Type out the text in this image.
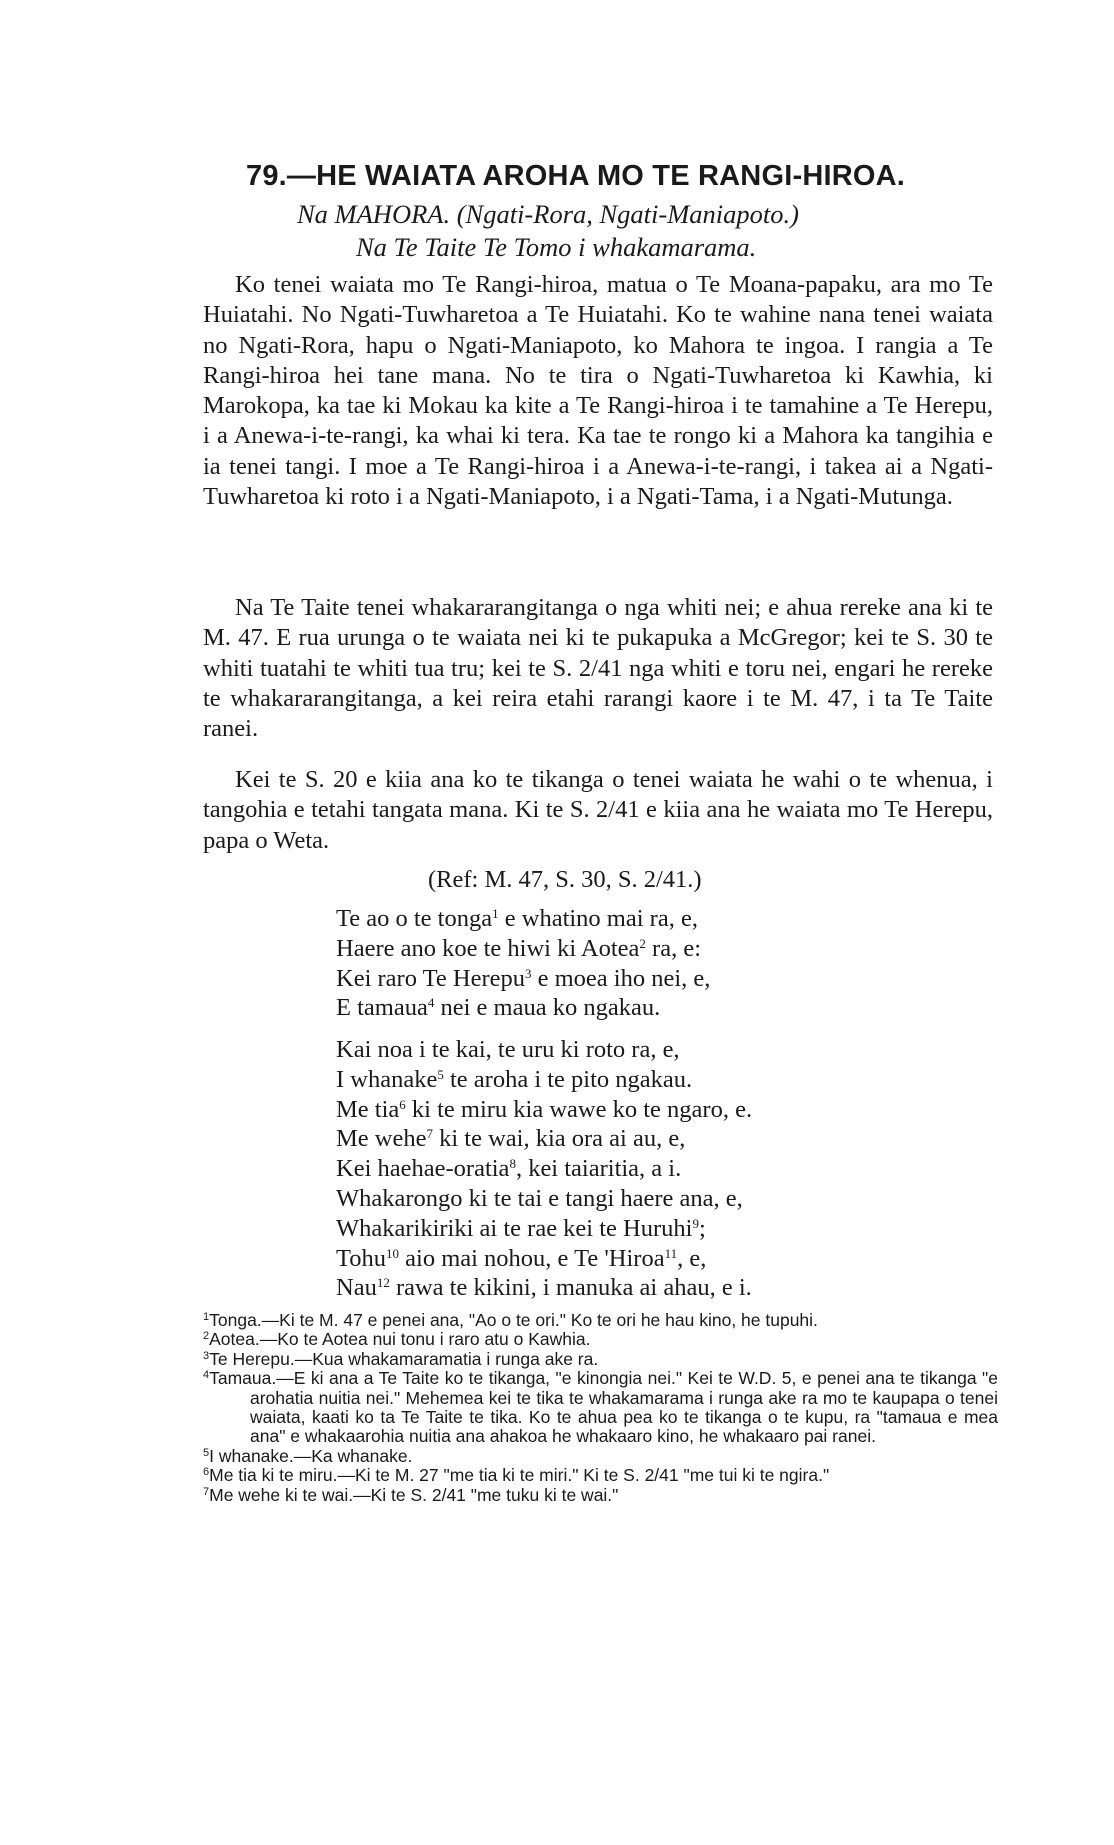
79.—HE WAIATA AROHA MO TE RANGI-HIROA.
Na MAHORA. (Ngati-Rora, Ngati-Maniapoto.)
Na Te Taite Te Tomo i whakamarama.

Ko tenei waiata mo Te Rangi-hiroa, matua o Te Moana-papaku, ara mo Te Huiatahi. No Ngati-Tuwharetoa a Te Huiatahi. Ko te wahine nana tenei waiata no Ngati-Rora, hapu o Ngati-Maniapoto, ko Mahora te ingoa. I rangia a Te Rangi-hiroa hei tane mana. No te tira o Ngati-Tuwharetoa ki Kawhia, ki Marokopa, ka tae ki Mokau ka kite a Te Rangi-hiroa i te tamahine a Te Herepu, i a Anewa-i-te-rangi, ka whai ki tera. Ka tae te rongo ki a Mahora ka tangihia e ia tenei tangi. I moe a Te Rangi-hiroa i a Anewa-i-te-rangi, i takea ai a Ngati-Tuwharetoa ki roto i a Ngati-Maniapoto, i a Ngati-Tama, i a Ngati-Mutunga.

Na Te Taite tenei whakararangitanga o nga whiti nei; e ahua rereke ana ki te M. 47. E rua urunga o te waiata nei ki te pukapuka a McGregor; kei te S. 30 te whiti tuatahi te whiti tua tru; kei te S. 2/41 nga whiti e toru nei, engari he rereke te whakararangitanga, a kei reira etahi rarangi kaore i te M. 47, i ta Te Taite ranei.

Kei te S. 20 e kiia ana ko te tikanga o tenei waiata he wahi o te whenua, i tangohia e tetahi tangata mana. Ki te S. 2/41 e kiia ana he waiata mo Te Herepu, papa o Weta.

(Ref: M. 47, S. 30, S. 2/41.)
Te ao o te tonga$^1$ e whatino mai ra, e,
Haere ano koe te hiwi ki Aotea$^2$ ra, e:
Kei raro Te Herepu$^3$ e moea iho nei, e,
E tamaua$^4$ nei e maua ko ngakau.
Kai noa i te kai, te uru ki roto ra, e,
I whanake$^5$ te aroha i te pito ngakau.
Me tia$^6$ ki te miru kia wawe ko te ngaro, e.
Me wehe$^7$ ki te wai, kia ora ai au, e,
Kei haehae-oratia$^8$, kei taiaritia, a i.
Whakarongo ki te tai e tangi haere ana, e,
Whakarikiriki ai te rae kei te Huruhi$^9$;
Tohu$^{10}$ aio mai nohou, e Te 'Hiroa$^{11}$, e,
Nau$^{12}$ rawa te kikini, i manuka ai ahau, e i.

$^1$Tonga.—Ki te M. 47 e penei ana, "Ao o te ori." Ko te ori he hau kino, he tupuhi.

$^2$Aotea.—Ko te Aotea nui tonu i raro atu o Kawhia.

$^3$Te Herepu.—Kua whakamaramatia i runga ake ra.

$^4$Tamaua.—E ki ana a Te Taite ko te tikanga, "e kinongia nei." Kei te W.D. 5, e penei ana te tikanga "e arohatia nuitia nei." Mehemea kei te tika te whakamarama i runga ake ra mo te kaupapa o tenei waiata, kaati ko ta Te Taite te tika. Ko te ahua pea ko te tikanga o te kupu, ra "tamaua e mea ana" e whakaarohia nuitia ana ahakoa he whakaaro kino, he whakaaro pai ranei.

$^5$I whanake.—Ka whanake.

$^6$Me tia ki te miru.—Ki te M. 27 "me tia ki te miri." Ki te S. 2/41 "me tui ki te ngira."

$^7$Me wehe ki te wai.—Ki te S. 2/41 "me tuku ki te wai."
